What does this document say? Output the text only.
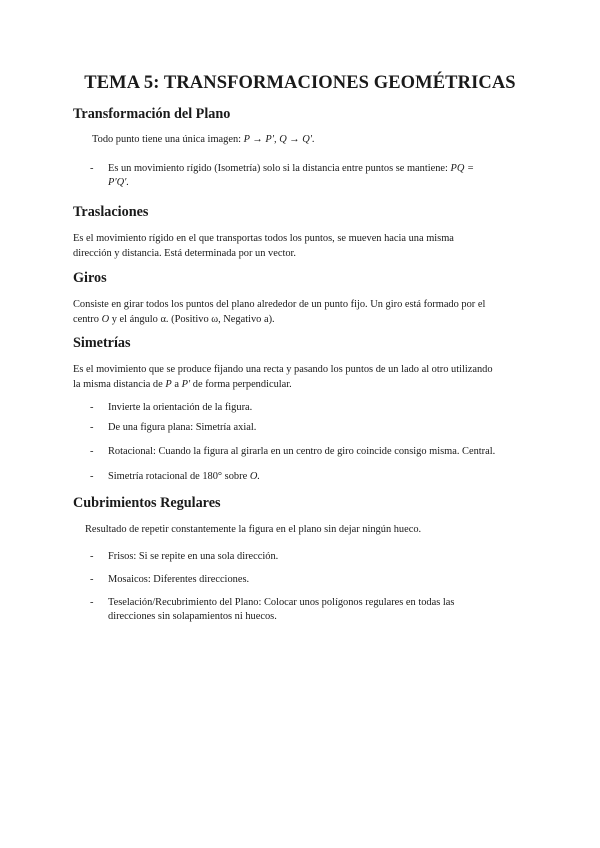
TEMA 5: TRANSFORMACIONES GEOMÉTRICAS
Transformación del Plano

Todo punto tiene una única imagen: P → P′, Q → Q′.

- Es un movimiento rígido (Isometría) solo si la distancia entre puntos se mantiene: PQ =
P′Q′.
Traslaciones

Es el movimiento rígido en el que transportas todos los puntos, se mueven hacia una misma
dirección y distancia. Está determinada por un vector.

Giros

Consiste en girar todos los puntos del plano alrededor de un punto fijo. Un giro está formado por el
centro O y el ángulo α. (Positivo ω, Negativo a).

Simetrías

Es el movimiento que se produce fijando una recta y pasando los puntos de un lado al otro utilizando
la misma distancia de P a P′ de forma perpendicular.

- Invierte la orientación de la figura.
- De una figura plana: Simetría axial.
- Rotacional: Cuando la figura al girarla en un centro de giro coincide consigo misma. Central.
- Simetría rotacional de 180° sobre O.
Cubrimientos Regulares

Resultado de repetir constantemente la figura en el plano sin dejar ningún hueco.

- Frisos: Si se repite en una sola dirección.
- Mosaicos: Diferentes direcciones.
- Teselación/Recubrimiento del Plano: Colocar unos polígonos regulares en todas las
direcciones sin solapamientos ni huecos.
